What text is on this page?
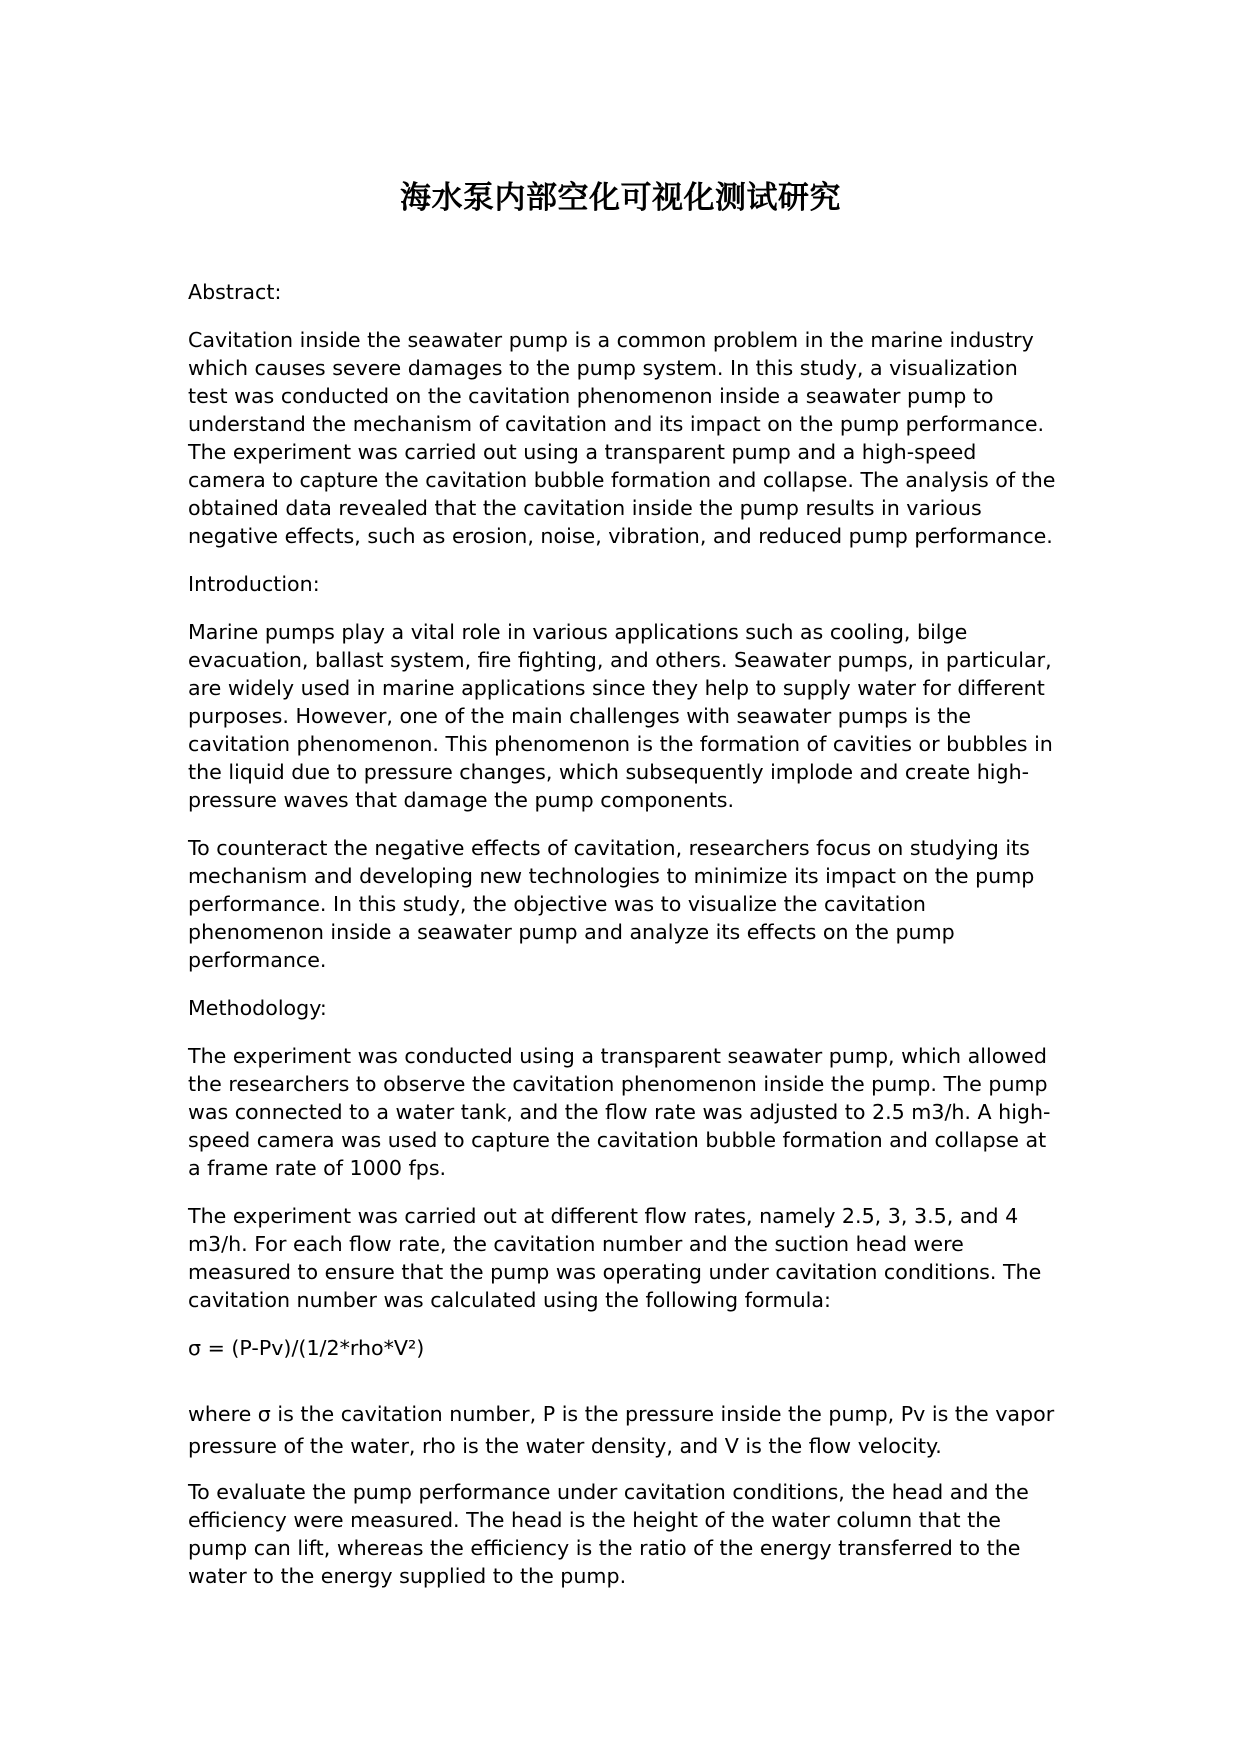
海水泵内部空化可视化测试研究

Abstract:

Cavitation inside the seawater pump is a common problem in the marine industry which causes severe damages to the pump system. In this study, a visualization test was conducted on the cavitation phenomenon inside a seawater pump to understand the mechanism of cavitation and its impact on the pump performance. The experiment was carried out using a transparent pump and a high-speed camera to capture the cavitation bubble formation and collapse. The analysis of the obtained data revealed that the cavitation inside the pump results in various negative effects, such as erosion, noise, vibration, and reduced pump performance.

Introduction:

Marine pumps play a vital role in various applications such as cooling, bilge evacuation, ballast system, fire fighting, and others. Seawater pumps, in particular, are widely used in marine applications since they help to supply water for different purposes. However, one of the main challenges with seawater pumps is the cavitation phenomenon. This phenomenon is the formation of cavities or bubbles in the liquid due to pressure changes, which subsequently implode and create high-pressure waves that damage the pump components.

To counteract the negative effects of cavitation, researchers focus on studying its mechanism and developing new technologies to minimize its impact on the pump performance. In this study, the objective was to visualize the cavitation phenomenon inside a seawater pump and analyze its effects on the pump performance.

Methodology:

The experiment was conducted using a transparent seawater pump, which allowed the researchers to observe the cavitation phenomenon inside the pump. The pump was connected to a water tank, and the flow rate was adjusted to 2.5 m3/h. A high-speed camera was used to capture the cavitation bubble formation and collapse at a frame rate of 1000 fps.

The experiment was carried out at different flow rates, namely 2.5, 3, 3.5, and 4 m3/h. For each flow rate, the cavitation number and the suction head were measured to ensure that the pump was operating under cavitation conditions. The cavitation number was calculated using the following formula:

σ = (P-Pv)/(1/2*rho*V²)

where σ is the cavitation number, P is the pressure inside the pump, Pv is the vapor pressure of the water, rho is the water density, and V is the flow velocity.

To evaluate the pump performance under cavitation conditions, the head and the efficiency were measured. The head is the height of the water column that the pump can lift, whereas the efficiency is the ratio of the energy transferred to the water to the energy supplied to the pump.
